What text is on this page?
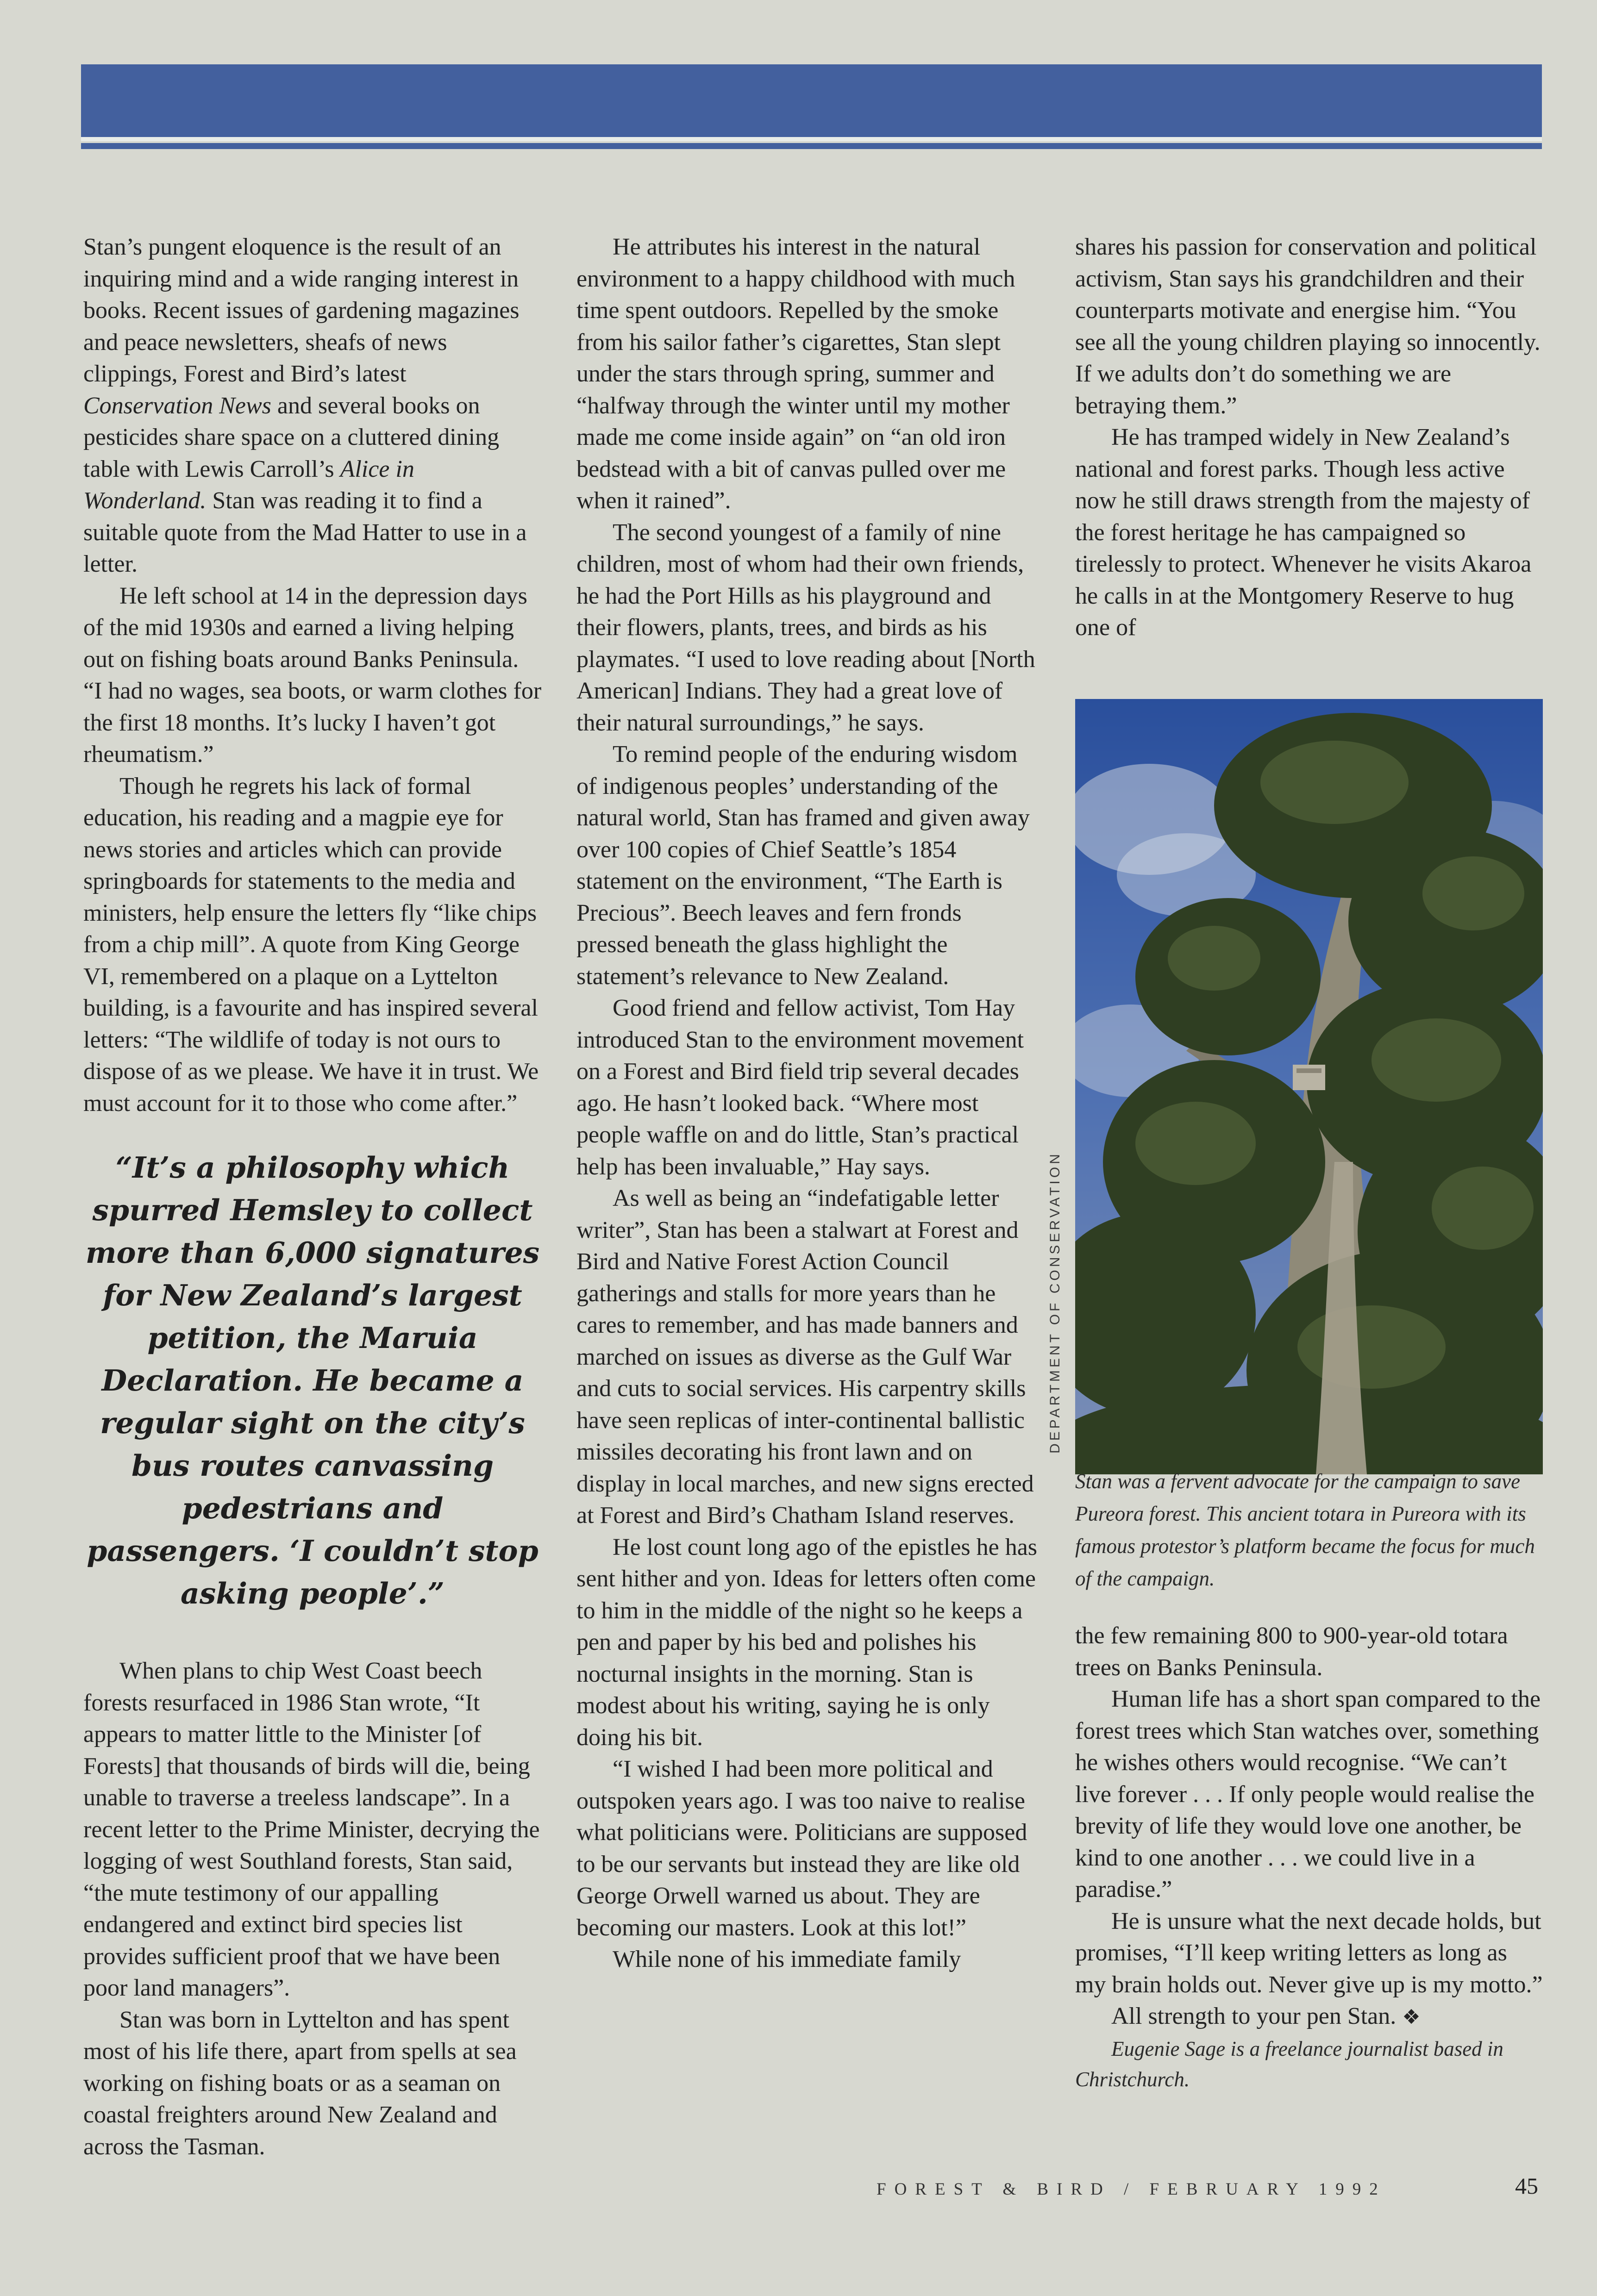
Stan’s pungent eloquence is the result of an inquiring mind and a wide ranging interest in books. Recent issues of gardening magazines and peace newsletters, sheafs of news clippings, Forest and Bird’s latest Conservation News and several books on pesticides share space on a cluttered dining table with Lewis Carroll’s Alice in Wonderland. Stan was reading it to find a suitable quote from the Mad Hatter to use in a letter.

He left school at 14 in the depression days of the mid 1930s and earned a living helping out on fishing boats around Banks Peninsula. “I had no wages, sea boots, or warm clothes for the first 18 months. It’s lucky I haven’t got rheumatism.”

Though he regrets his lack of formal education, his reading and a magpie eye for news stories and articles which can provide springboards for statements to the media and ministers, help ensure the letters fly “like chips from a chip mill”. A quote from King George VI, remembered on a plaque on a Lyttelton building, is a favourite and has inspired several letters: “The wildlife of today is not ours to dispose of as we please. We have it in trust. We must account for it to those who come after.”

“It’s a philosophy which spurred Hemsley to collect more than 6,000 signatures for New Zealand’s largest petition, the Maruia Declaration. He became a regular sight on the city’s bus routes canvassing pedestrians and passengers. ‘I couldn’t stop asking people’.”

When plans to chip West Coast beech forests resurfaced in 1986 Stan wrote, “It appears to matter little to the Minister [of Forests] that thousands of birds will die, being unable to traverse a treeless landscape”. In a recent letter to the Prime Minister, decrying the logging of west Southland forests, Stan said, “the mute testimony of our appalling endangered and extinct bird species list provides sufficient proof that we have been poor land managers”.

Stan was born in Lyttelton and has spent most of his life there, apart from spells at sea working on fishing boats or as a seaman on coastal freighters around New Zealand and across the Tasman.

He attributes his interest in the natural environment to a happy childhood with much time spent outdoors. Repelled by the smoke from his sailor father’s cigarettes, Stan slept under the stars through spring, summer and “halfway through the winter until my mother made me come inside again” on “an old iron bedstead with a bit of canvas pulled over me when it rained”.

The second youngest of a family of nine children, most of whom had their own friends, he had the Port Hills as his playground and their flowers, plants, trees, and birds as his playmates. “I used to love reading about [North American] Indians. They had a great love of their natural surroundings,” he says.

To remind people of the enduring wisdom of indigenous peoples’ understanding of the natural world, Stan has framed and given away over 100 copies of Chief Seattle’s 1854 statement on the environment, “The Earth is Precious”. Beech leaves and fern fronds pressed beneath the glass highlight the statement’s relevance to New Zealand.

Good friend and fellow activist, Tom Hay introduced Stan to the environment movement on a Forest and Bird field trip several decades ago. He hasn’t looked back. “Where most people waffle on and do little, Stan’s practical help has been invaluable,” Hay says.

As well as being an “indefatigable letter writer”, Stan has been a stalwart at Forest and Bird and Native Forest Action Council gatherings and stalls for more years than he cares to remember, and has made banners and marched on issues as diverse as the Gulf War and cuts to social services. His carpentry skills have seen replicas of inter-continental ballistic missiles decorating his front lawn and on display in local marches, and new signs erected at Forest and Bird’s Chatham Island reserves.

He lost count long ago of the epistles he has sent hither and yon. Ideas for letters often come to him in the middle of the night so he keeps a pen and paper by his bed and polishes his nocturnal insights in the morning. Stan is modest about his writing, saying he is only doing his bit.

“I wished I had been more political and outspoken years ago. I was too naive to realise what politicians were. Politicians are supposed to be our servants but instead they are like old George Orwell warned us about. They are becoming our masters. Look at this lot!”

While none of his immediate family

shares his passion for conservation and political activism, Stan says his grandchildren and their counterparts motivate and energise him. “You see all the young children playing so innocently. If we adults don’t do something we are betraying them.”

He has tramped widely in New Zealand’s national and forest parks. Though less active now he still draws strength from the majesty of the forest heritage he has campaigned so tirelessly to protect. Whenever he visits Akaroa he calls in at the Montgomery Reserve to hug one of

DEPARTMENT OF CONSERVATION
Stan was a fervent advocate for the campaign to save Pureora forest. This ancient totara in Pureora with its famous protestor’s platform became the focus for much of the campaign.

the few remaining 800 to 900-year-old totara trees on Banks Peninsula.

Human life has a short span compared to the forest trees which Stan watches over, something he wishes others would recognise. “We can’t live forever . . . If only people would realise the brevity of life they would love one another, be kind to one another . . . we could live in a paradise.”

He is unsure what the next decade holds, but promises, “I’ll keep writing letters as long as my brain holds out. Never give up is my motto.”

All strength to your pen Stan. ❖

Eugenie Sage is a freelance journalist based in Christchurch.

FOREST & BIRD / FEBRUARY 1992	45
